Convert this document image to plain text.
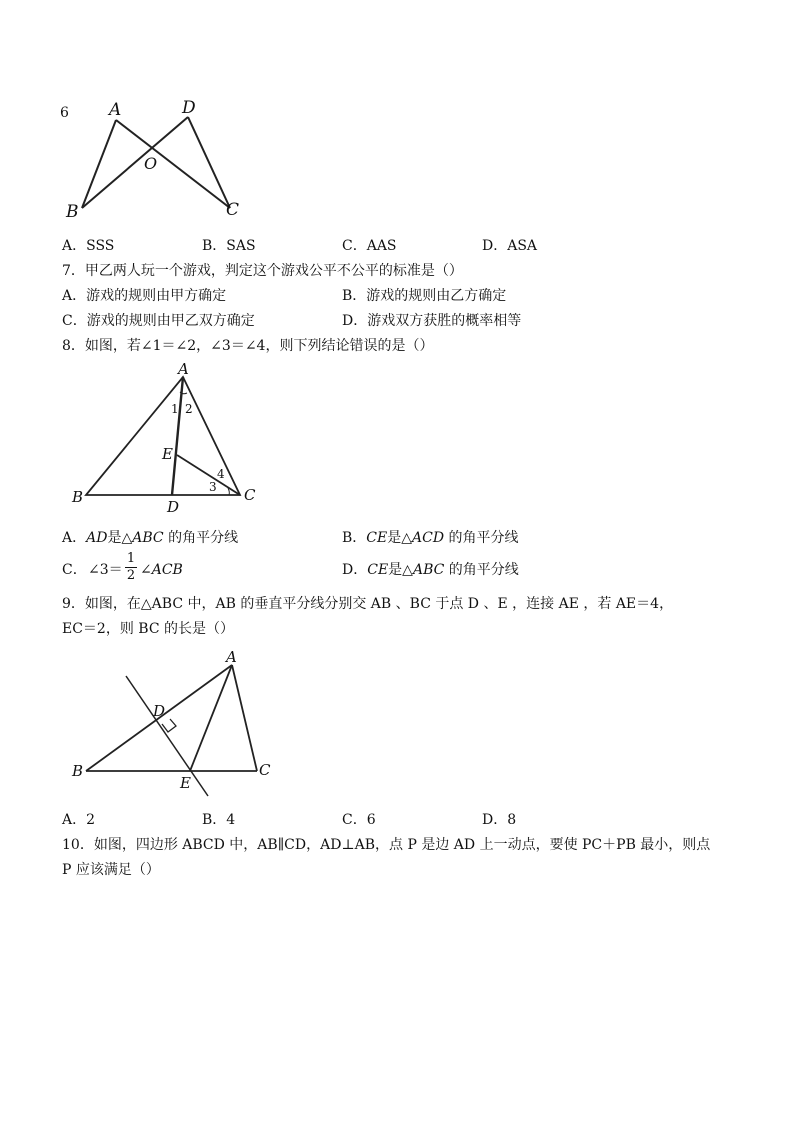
6 A	D
O
B	C
A．SSS	B．SAS	C．AAS	D．ASA
7．甲乙两人玩一个游戏，判定这个游戏公平不公平的标准是（）
A．游戏的规则由甲方确定	B．游戏的规则由乙方确定
C．游戏的规则由甲乙双方确定	D．游戏双方获胜的概率相等
8．如图，若∠1＝∠2，∠3＝∠4，则下列结论错误的是（）
A
B	C
D
E
1 2
3
4
A．AD是△ABC 的角平分线	B．CE是△ACD 的角平分线
C． ∠3＝
1
2 ∠ACB	D．CE是△ABC 的角平分线
9．如图，在△ABC 中，AB 的垂直平分线分别交 AB 、BC 于点 D 、E ，连接 AE ，若 AE＝4，
EC＝2，则 BC 的长是（）
A
B	C
D
E
A．2	B．4	C．6	D．8
10．如图，四边形 ABCD 中，AB∥CD，AD⊥AB，点 P 是边 AD 上一动点，要使 PC＋PB 最小，则点
P 应该满足（）
